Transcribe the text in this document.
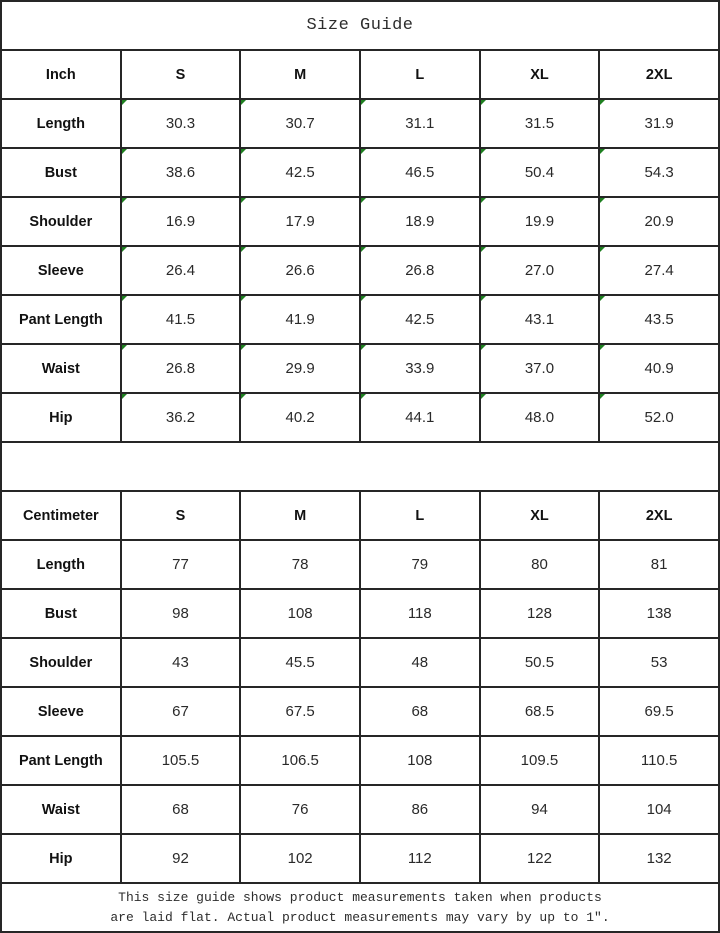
Size Guide					
Inch	S	M	L	XL	2XL
Length	30.3	30.7	31.1	31.5	31.9
Bust	38.6	42.5	46.5	50.4	54.3
Shoulder	16.9	17.9	18.9	19.9	20.9
Sleeve	26.4	26.6	26.8	27.0	27.4
Pant Length	41.5	41.9	42.5	43.1	43.5
Waist	26.8	29.9	33.9	37.0	40.9
Hip	36.2	40.2	44.1	48.0	52.0

Centimeter	S	M	L	XL	2XL
Length	77	78	79	80	81
Bust	98	108	118	128	138
Shoulder	43	45.5	48	50.5	53
Sleeve	67	67.5	68	68.5	69.5
Pant Length	105.5	106.5	108	109.5	110.5
Waist	68	76	86	94	104
Hip	92	102	112	122	132

This size guide shows product measurements taken when products
are laid flat. Actual product measurements may vary by up to 1″.					
